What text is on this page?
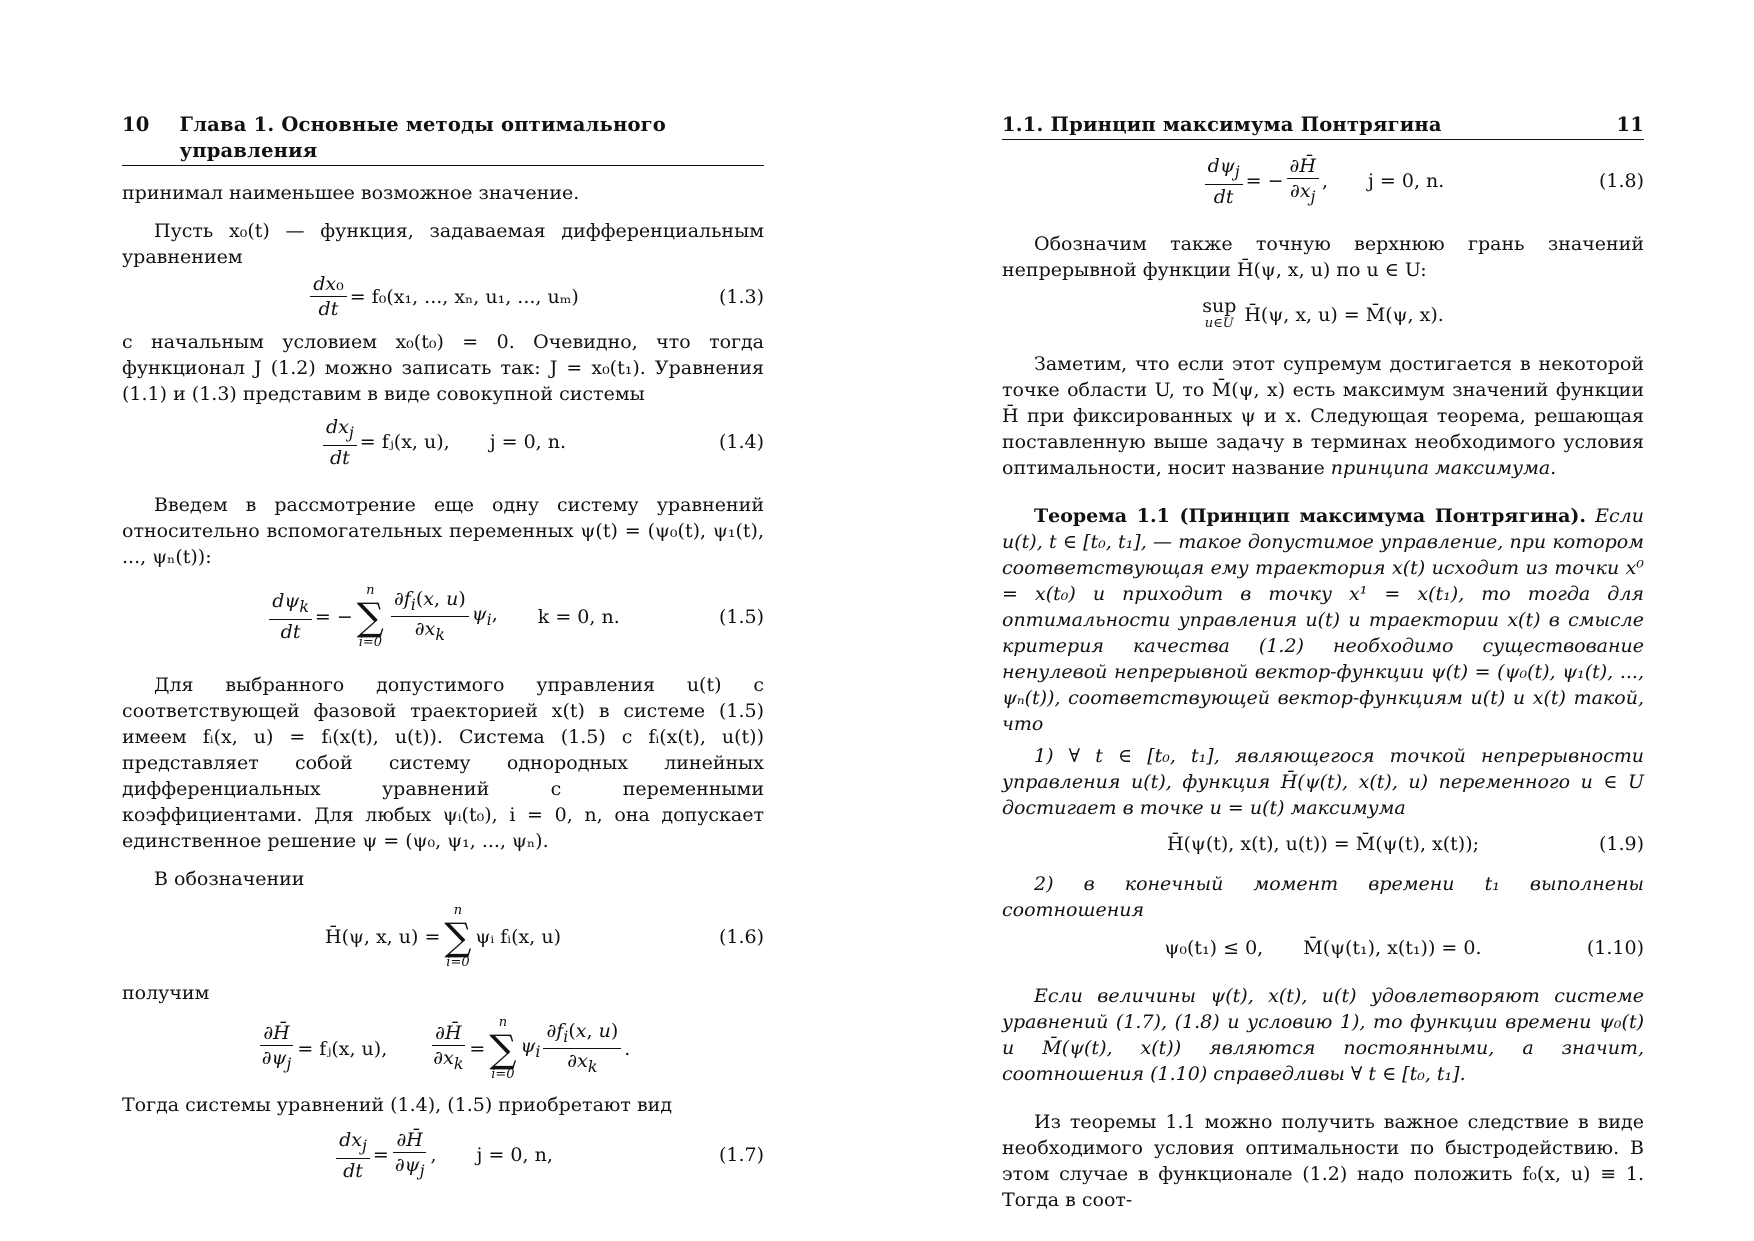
10 Глава 1. Основные методы оптимального управления

принимал наименьшее возможное значение.

Пусть x₀(t) — функция, задаваемая дифференциальным уравнением

$\frac{\text{dx₀}}{dt} = f_0(x_1$, ..., xₙ, u₁, ..., uₘ)	(1.3)

с начальным условием x₀(t₀) = 0. Очевидно, что тогда функционал J (1.2) можно записать так: J = x₀(t₁). Уравнения (1.1) и (1.3) представим в виде совокупной системы

$\frac{dx_j}{dt}$ = fⱼ(x, u), j = 0, n.	(1.4)

Введем в рассмотрение еще одну систему уравнений относительно вспомогательных переменных ψ(t) = (ψ₀(t), ψ₁(t), ..., ψₙ(t)):

$\frac{d\psi_k}{dt}$ = −
n
∑
$i=0 \frac{\partial f_i(x, u)}{\partial x_k} \psi_i$, k = 0, n.	(1.5)

Для выбранного допустимого управления u(t) с соответствующей фазовой траекторией x(t) в системе (1.5) имеем fᵢ(x, u) = fᵢ(x(t), u(t)). Система (1.5) с fᵢ(x(t), u(t)) представляет собой систему однородных линейных дифференциальных уравнений с переменными коэффициентами. Для любых ψᵢ(t₀), i = 0, n, она допускает единственное решение ψ = (ψ₀, ψ₁, ..., ψₙ).

В обозначении

H̄(ψ, x, u) =
n
∑
i=0
ψᵢ fᵢ(x, u)	(1.6)

получим

$\frac{\partial H̄}{\partial\psi_j}$ = fⱼ(x, u), $\frac{\partial H̄}{\partial x_k}$ =
n
∑
i=0
$\psi_i \frac{\partial f_i(x, u)}{\partial x_k}$ .

Тогда системы уравнений (1.4), (1.5) приобретают вид

$\frac{dx_j}{dt} = \frac{\partial H̄}{\partial\psi_j}$ , j = 0, n,	(1.7)
1.1. Принцип максимума Понтрягина	11
$\frac{d\psi_j}{dt}$ = − $\frac{\partial H̄}{\partial x_j}$ , j = 0, n.	(1.8)

Обозначим также точную верхнюю грань значений непрерывной функции H̄(ψ, x, u) по u ∈ U:

sup
u∈U H̄(ψ, x, u) = M̄(ψ, x).

Заметим, что если этот супремум достигается в некоторой точке области U, то M̄(ψ, x) есть максимум значений функции H̄ при фиксированных ψ и x. Следующая теорема, решающая поставленную выше задачу в терминах необходимого условия оптимальности, носит название принципа максимума.

Теорема 1.1 (Принцип максимума Понтрягина). Если u(t), t ∈ [t₀, t₁], — такое допустимое управление, при котором соответствующая ему траектория x(t) исходит из точки x⁰ = x(t₀) и приходит в точку x¹ = x(t₁), то тогда для оптимальности управления u(t) и траектории x(t) в смысле критерия качества (1.2) необходимо существование ненулевой непрерывной вектор-функции ψ(t) = (ψ₀(t), ψ₁(t), ..., ψₙ(t)), соответствующей вектор-функциям u(t) и x(t) такой, что

1) ∀ t ∈ [t₀, t₁], являющегося точкой непрерывности управления u(t), функция H̄(ψ(t), x(t), u) переменного u ∈ U достигает в точке u = u(t) максимума

H̄(ψ(t), x(t), u(t)) = M̄(ψ(t), x(t));	(1.9)

2) в конечный момент времени t₁ выполнены соотношения

ψ₀(t₁) ≤ 0, M̄(ψ(t₁), x(t₁)) = 0.	(1.10)

Если величины ψ(t), x(t), u(t) удовлетворяют системе уравнений (1.7), (1.8) и условию 1), то функции времени ψ₀(t) и M̄(ψ(t), x(t)) являются постоянными, а значит, соотношения (1.10) справедливы ∀ t ∈ [t₀, t₁].

Из теоремы 1.1 можно получить важное следствие в виде необходимого условия оптимальности по быстродействию. В этом случае в функционале (1.2) надо положить f₀(x, u) ≡ 1. Тогда в соот-
